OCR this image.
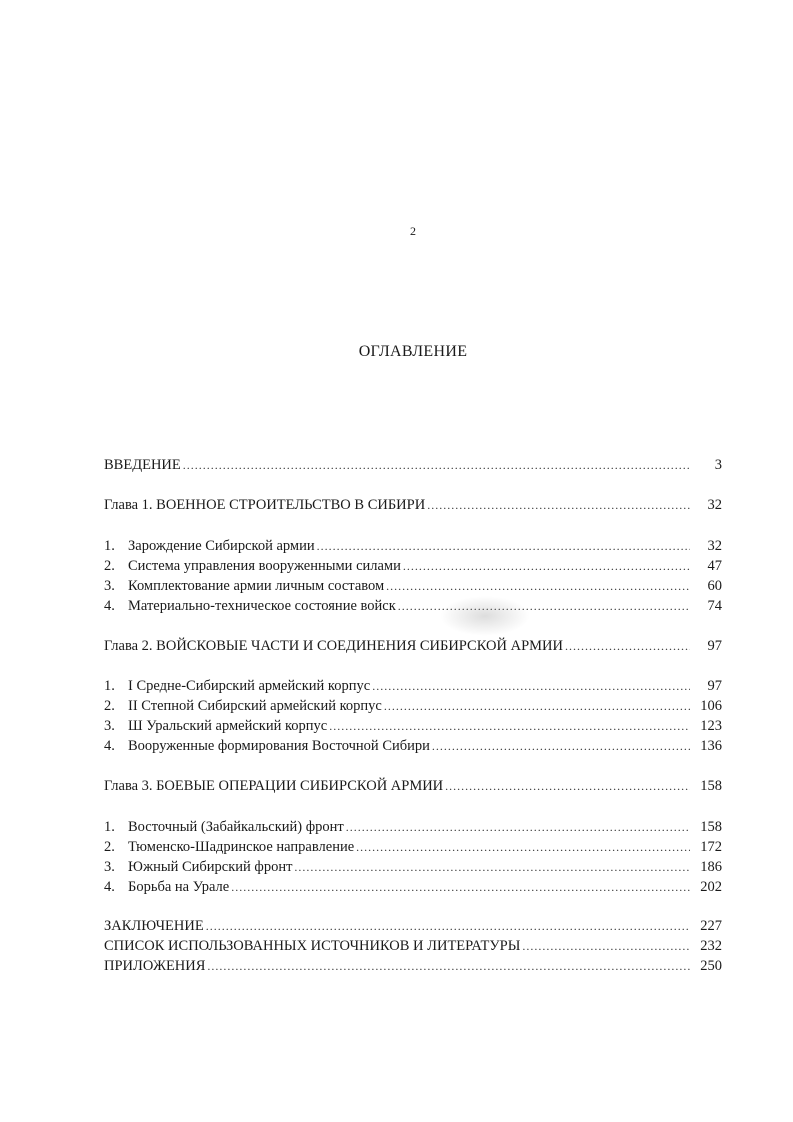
2
ОГЛАВЛЕНИЕ
ВВЕДЕНИЕ .....	3
Глава 1. ВОЕННОЕ СТРОИТЕЛЬСТВО В СИБИРИ .....	32
1. Зарождение Сибирской армии .....	32
2. Система управления вооруженными силами .....	47
3. Комплектование армии личным составом .....	60
4. Материально-техническое состояние войск .....	74
Глава 2. ВОЙСКОВЫЕ ЧАСТИ И СОЕДИНЕНИЯ СИБИРСКОЙ АРМИИ .....	97
1. I Средне-Сибирский армейский корпус .....	97
2. II Степной Сибирский армейский корпус .....	106
3. Ш Уральский армейский корпус .....	123
4. Вооруженные формирования Восточной Сибири .....	136
Глава 3. БОЕВЫЕ ОПЕРАЦИИ СИБИРСКОЙ АРМИИ .....	158
1. Восточный (Забайкальский) фронт .....	158
2. Тюменско-Шадринское направление .....	172
3. Южный Сибирский фронт .....	186
4. Борьба на Урале .....	202
ЗАКЛЮЧЕНИЕ .....	227
СПИСОК ИСПОЛЬЗОВАННЫХ ИСТОЧНИКОВ И ЛИТЕРАТУРЫ .....	232
ПРИЛОЖЕНИЯ .....	250
